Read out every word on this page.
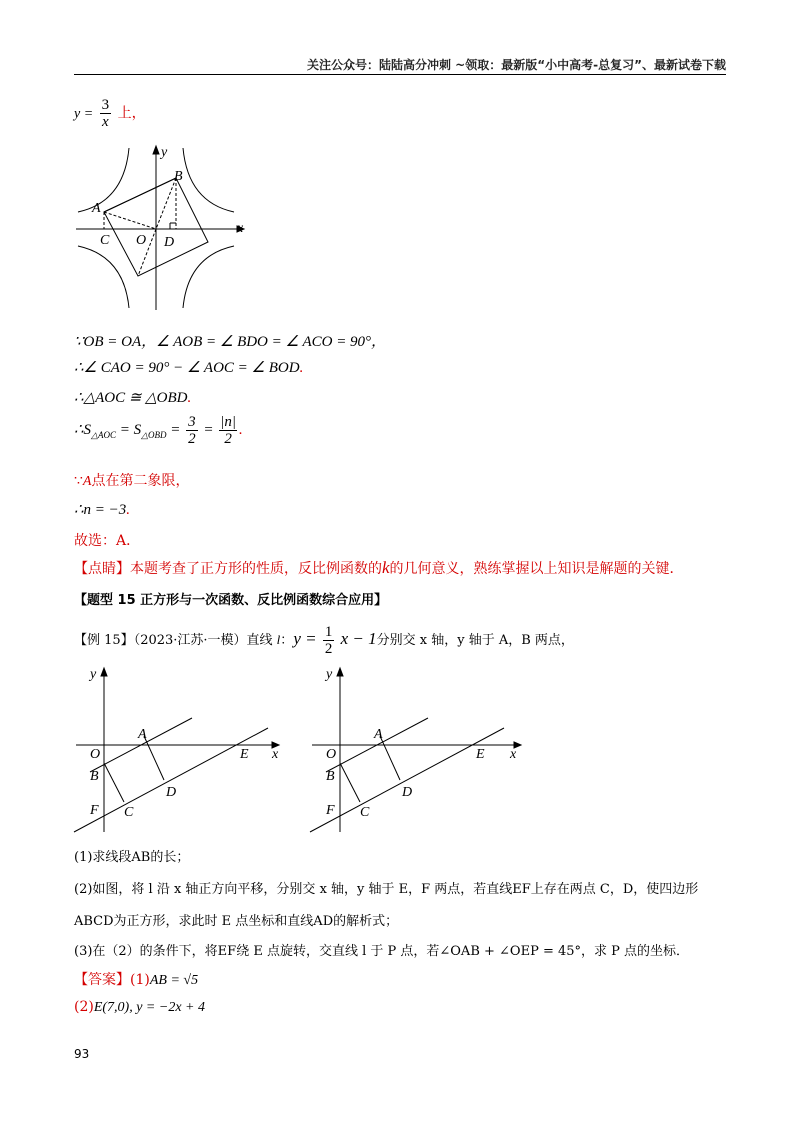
关注公众号：陆陆高分冲刺 ~领取：最新版“小中高考-总复习”、最新试卷下载
$y = \frac{3}{x}$ 上，
y
x
A
B
C O D
∵OB = OA，∠ AOB = ∠ BDO = ∠ ACO = 90°，
∴∠ CAO = 90° − ∠ AOC = ∠ BOD.
∴△AOC ≅ △OBD.
$\therefore S_{\triangle AOC} = S_{\triangle OBD} = \frac{3}{2} = \frac{|n|}{2}$ .
∵A点在第二象限，
∴n = −3.
故选：A．
【点睛】本题考查了正方形的性质，反比例函数的k的几何意义，熟练掌握以上知识是解题的关键．
【题型 15 正方形与一次函数、反比例函数综合应用】
【例 15】（2023·江苏·一模）直线 l：$y = \frac{1}{2}$ x − 1分别交 x 轴，y 轴于 A，B 两点，
y
x
O
A
E
B
D
F C
y
x
O
A
E
B
D
F C
(1)求线段AB的长；
(2)如图，将 l 沿 x 轴正方向平移，分别交 x 轴，y 轴于 E，F 两点，若直线EF上存在两点 C，D，使四边形
ABCD为正方形，求此时 E 点坐标和直线AD的解析式；
(3)在（2）的条件下，将EF绕 E 点旋转，交直线 l 于 P 点，若∠OAB + ∠OEP = 45°，求 P 点的坐标．
【答案】(1)AB = √5
(2)E(7,0), y = −2x + 4
93
